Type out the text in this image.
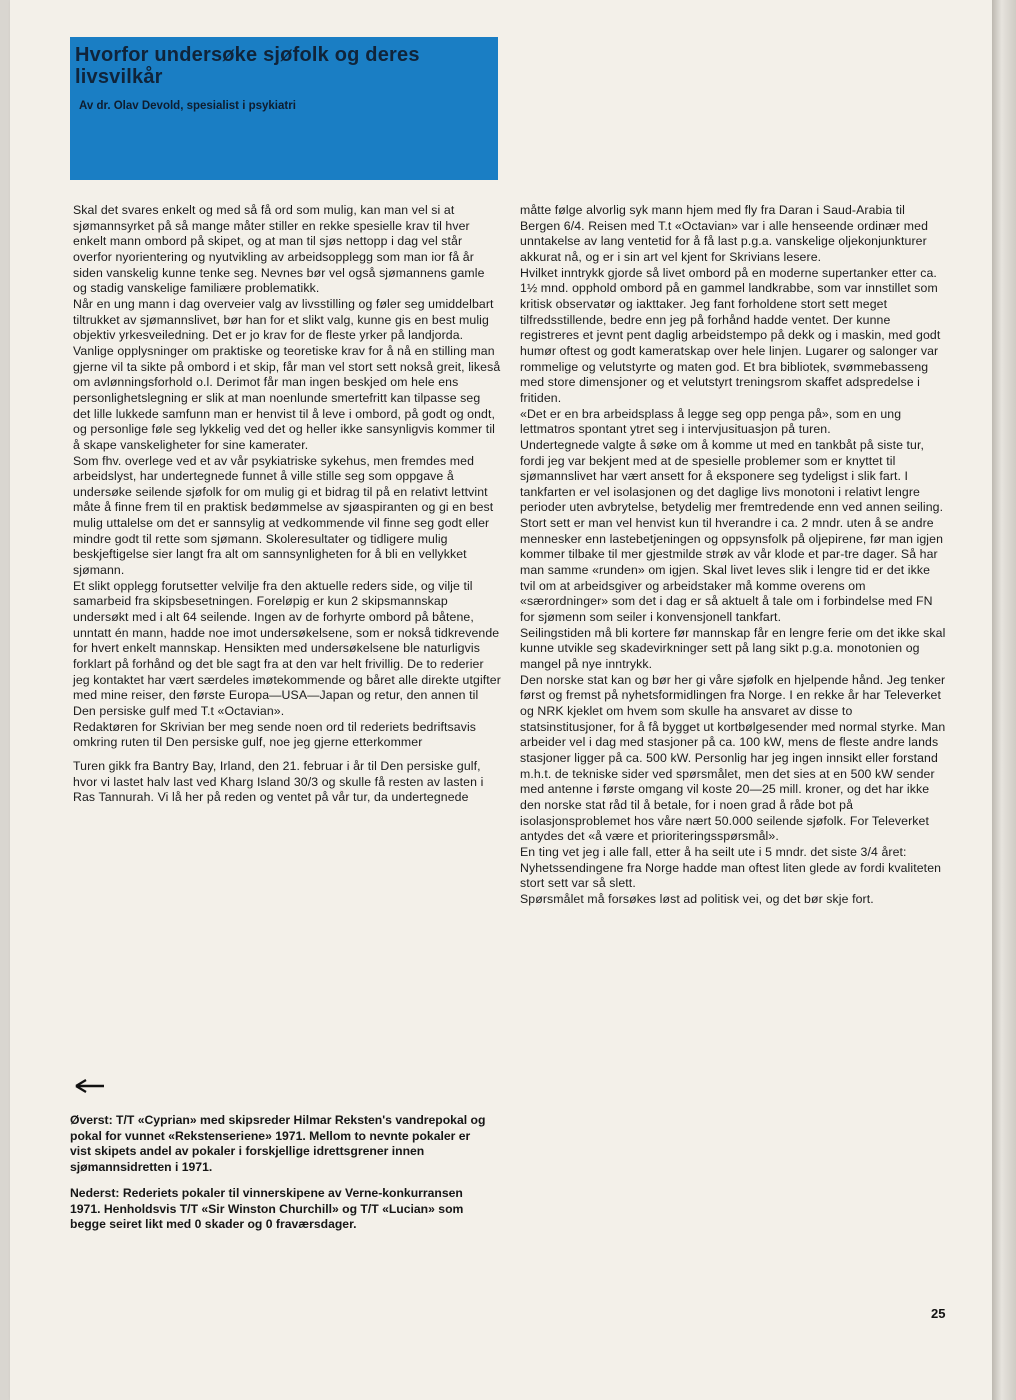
Hvorfor undersøke sjøfolk og deres livsvilkår
Av dr. Olav Devold, spesialist i psykiatri

Skal det svares enkelt og med så få ord som mulig, kan man vel si at sjømannsyrket på så mange måter stiller en rekke spesielle krav til hver enkelt mann ombord på skipet, og at man til sjøs nettopp i dag vel står overfor nyorientering og nyutvikling av arbeidsopplegg som man ior få år siden vanskelig kunne tenke seg. Nevnes bør vel også sjømannens gamle og stadig vanskelige familiære problematikk.

Når en ung mann i dag overveier valg av livsstilling og føler seg umiddelbart tiltrukket av sjømannslivet, bør han for et slikt valg, kunne gis en best mulig objektiv yrkesveiledning. Det er jo krav for de fleste yrker på landjorda.

Vanlige opplysninger om praktiske og teoretiske krav for å nå en stilling man gjerne vil ta sikte på ombord i et skip, får man vel stort sett nokså greit, likeså om avlønningsforhold o.l. Derimot får man ingen beskjed om hele ens personlighetslegning er slik at man noenlunde smertefritt kan tilpasse seg det lille lukkede samfunn man er henvist til å leve i ombord, på godt og ondt, og personlige føle seg lykkelig ved det og heller ikke sansynligvis kommer til å skape vanskeligheter for sine kamerater.

Som fhv. overlege ved et av vår psykiatriske sykehus, men fremdes med arbeidslyst, har undertegnede funnet å ville stille seg som oppgave å undersøke seilende sjøfolk for om mulig gi et bidrag til på en relativt lettvint måte å finne frem til en praktisk bedømmelse av sjøaspiranten og gi en best mulig uttalelse om det er sannsylig at vedkommende vil finne seg godt eller mindre godt til rette som sjømann. Skoleresultater og tidligere mulig beskjeftigelse sier langt fra alt om sannsynligheten for å bli en vellykket sjømann.

Et slikt opplegg forutsetter velvilje fra den aktuelle reders side, og vilje til samarbeid fra skipsbesetningen. Foreløpig er kun 2 skipsmannskap undersøkt med i alt 64 seilende. Ingen av de forhyrte ombord på båtene, unntatt én mann, hadde noe imot undersøkelsene, som er nokså tidkrevende for hvert enkelt mannskap. Hensikten med undersøkelsene ble naturligvis forklart på forhånd og det ble sagt fra at den var helt frivillig. De to rederier jeg kontaktet har vært særdeles imøtekommende og båret alle direkte utgifter med mine reiser, den første Europa—USA—Japan og retur, den annen til Den persiske gulf med T.t «Octavian».

Redaktøren for Skrivian ber meg sende noen ord til rederiets bedriftsavis omkring ruten til Den persiske gulf, noe jeg gjerne etterkommer

Turen gikk fra Bantry Bay, Irland, den 21. februar i år til Den persiske gulf, hvor vi lastet halv last ved Kharg Island 30/3 og skulle få resten av lasten i Ras Tannurah. Vi lå her på reden og ventet på vår tur, da undertegnede

måtte følge alvorlig syk mann hjem med fly fra Daran i Saud-Arabia til Bergen 6/4. Reisen med T.t «Octavian» var i alle henseende ordinær med unntakelse av lang ventetid for å få last p.g.a. vanskelige oljekonjunkturer akkurat nå, og er i sin art vel kjent for Skrivians lesere.

Hvilket inntrykk gjorde så livet ombord på en moderne supertanker etter ca. 1½ mnd. opphold ombord på en gammel landkrabbe, som var innstillet som kritisk observatør og iakttaker. Jeg fant forholdene stort sett meget tilfredsstillende, bedre enn jeg på forhånd hadde ventet. Der kunne registreres et jevnt pent daglig arbeidstempo på dekk og i maskin, med godt humør oftest og godt kameratskap over hele linjen. Lugarer og salonger var rommelige og velutstyrte og maten god. Et bra bibliotek, svømmebasseng med store dimensjoner og et velutstyrt treningsrom skaffet adspredelse i fritiden.

«Det er en bra arbeidsplass å legge seg opp penga på», som en ung lettmatros spontant ytret seg i intervjusituasjon på turen.

Undertegnede valgte å søke om å komme ut med en tankbåt på siste tur, fordi jeg var bekjent med at de spesielle problemer som er knyttet til sjømannslivet har vært ansett for å eksponere seg tydeligst i slik fart. I tankfarten er vel isolasjonen og det daglige livs monotoni i relativt lengre perioder uten avbrytelse, betydelig mer fremtredende enn ved annen seiling. Stort sett er man vel henvist kun til hverandre i ca. 2 mndr. uten å se andre mennesker enn lastebetjeningen og oppsynsfolk på oljepirene, før man igjen kommer tilbake til mer gjestmilde strøk av vår klode et par-tre dager. Så har man samme «runden» om igjen. Skal livet leves slik i lengre tid er det ikke tvil om at arbeidsgiver og arbeidstaker må komme overens om «særordninger» som det i dag er så aktuelt å tale om i forbindelse med FN for sjømenn som seiler i konvensjonell tankfart.

Seilingstiden må bli kortere før mannskap får en lengre ferie om det ikke skal kunne utvikle seg skadevirkninger sett på lang sikt p.g.a. monotonien og mangel på nye inntrykk.

Den norske stat kan og bør her gi våre sjøfolk en hjelpende hånd. Jeg tenker først og fremst på nyhetsformidlingen fra Norge. I en rekke år har Televerket og NRK kjeklet om hvem som skulle ha ansvaret av disse to statsinstitusjoner, for å få bygget ut kortbølgesender med normal styrke. Man arbeider vel i dag med stasjoner på ca. 100 kW, mens de fleste andre lands stasjoner ligger på ca. 500 kW. Personlig har jeg ingen innsikt eller forstand m.h.t. de tekniske sider ved spørsmålet, men det sies at en 500 kW sender med antenne i første omgang vil koste 20—25 mill. kroner, og det har ikke den norske stat råd til å betale, for i noen grad å råde bot på isolasjonsproblemet hos våre nært 50.000 seilende sjøfolk. For Televerket antydes det «å være et prioriteringsspørsmål».

En ting vet jeg i alle fall, etter å ha seilt ute i 5 mndr. det siste 3/4 året: Nyhetssendingene fra Norge hadde man oftest liten glede av fordi kvaliteten stort sett var så slett.

Spørsmålet må forsøkes løst ad politisk vei, og det bør skje fort.

Øverst: T/T «Cyprian» med skipsreder Hilmar Reksten's vandrepokal og pokal for vunnet «Rekstenseriene» 1971. Mellom to nevnte pokaler er vist skipets andel av pokaler i forskjellige idrettsgrener innen sjømannsidretten i 1971.

Nederst: Rederiets pokaler til vinnerskipene av Verne-konkurransen 1971. Henholdsvis T/T «Sir Winston Churchill» og T/T «Lucian» som begge seiret likt med 0 skader og 0 fraværsdager.

25
